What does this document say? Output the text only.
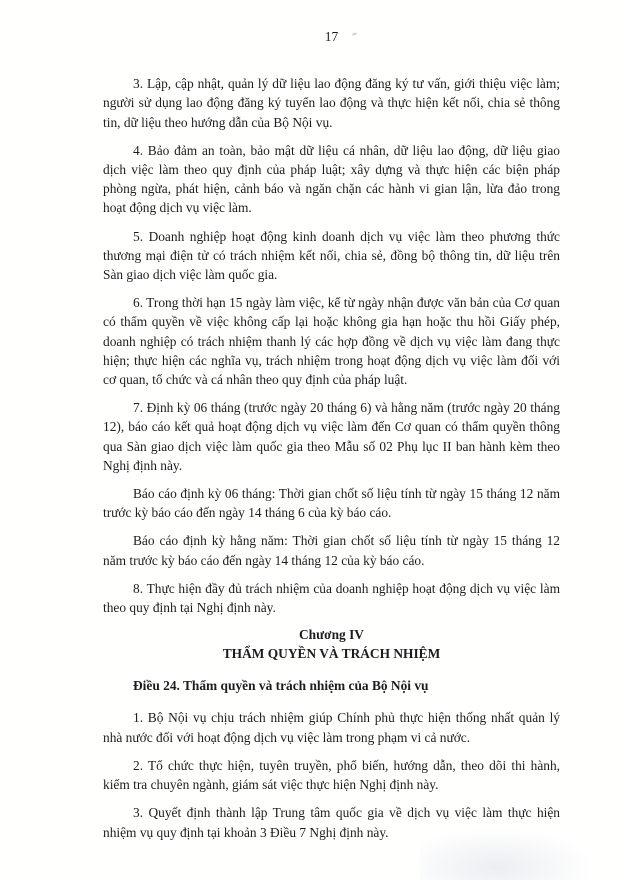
17

3. Lập, cập nhật, quản lý dữ liệu lao động đăng ký tư vấn, giới thiệu việc làm; người sử dụng lao động đăng ký tuyển lao động và thực hiện kết nối, chia sẻ thông tin, dữ liệu theo hướng dẫn của Bộ Nội vụ.

4. Bảo đảm an toàn, bảo mật dữ liệu cá nhân, dữ liệu lao động, dữ liệu giao dịch việc làm theo quy định của pháp luật; xây dựng và thực hiện các biện pháp phòng ngừa, phát hiện, cảnh báo và ngăn chặn các hành vi gian lận, lừa đảo trong hoạt động dịch vụ việc làm.

5. Doanh nghiệp hoạt động kinh doanh dịch vụ việc làm theo phương thức thương mại điện tử có trách nhiệm kết nối, chia sẻ, đồng bộ thông tin, dữ liệu trên Sàn giao dịch việc làm quốc gia.

6. Trong thời hạn 15 ngày làm việc, kể từ ngày nhận được văn bản của Cơ quan có thẩm quyền về việc không cấp lại hoặc không gia hạn hoặc thu hồi Giấy phép, doanh nghiệp có trách nhiệm thanh lý các hợp đồng về dịch vụ việc làm đang thực hiện; thực hiện các nghĩa vụ, trách nhiệm trong hoạt động dịch vụ việc làm đối với cơ quan, tổ chức và cá nhân theo quy định của pháp luật.

7. Định kỳ 06 tháng (trước ngày 20 tháng 6) và hằng năm (trước ngày 20 tháng 12), báo cáo kết quả hoạt động dịch vụ việc làm đến Cơ quan có thẩm quyền thông qua Sàn giao dịch việc làm quốc gia theo Mẫu số 02 Phụ lục II ban hành kèm theo Nghị định này.

Báo cáo định kỳ 06 tháng: Thời gian chốt số liệu tính từ ngày 15 tháng 12 năm trước kỳ báo cáo đến ngày 14 tháng 6 của kỳ báo cáo.

Báo cáo định kỳ hằng năm: Thời gian chốt số liệu tính từ ngày 15 tháng 12 năm trước kỳ báo cáo đến ngày 14 tháng 12 của kỳ báo cáo.

8. Thực hiện đầy đủ trách nhiệm của doanh nghiệp hoạt động dịch vụ việc làm theo quy định tại Nghị định này.

Chương IV
THẨM QUYỀN VÀ TRÁCH NHIỆM

Điều 24. Thẩm quyền và trách nhiệm của Bộ Nội vụ

1. Bộ Nội vụ chịu trách nhiệm giúp Chính phủ thực hiện thống nhất quản lý nhà nước đối với hoạt động dịch vụ việc làm trong phạm vi cả nước.

2. Tổ chức thực hiện, tuyên truyền, phổ biến, hướng dẫn, theo dõi thi hành, kiểm tra chuyên ngành, giám sát việc thực hiện Nghị định này.

3. Quyết định thành lập Trung tâm quốc gia về dịch vụ việc làm thực hiện nhiệm vụ quy định tại khoản 3 Điều 7 Nghị định này.
